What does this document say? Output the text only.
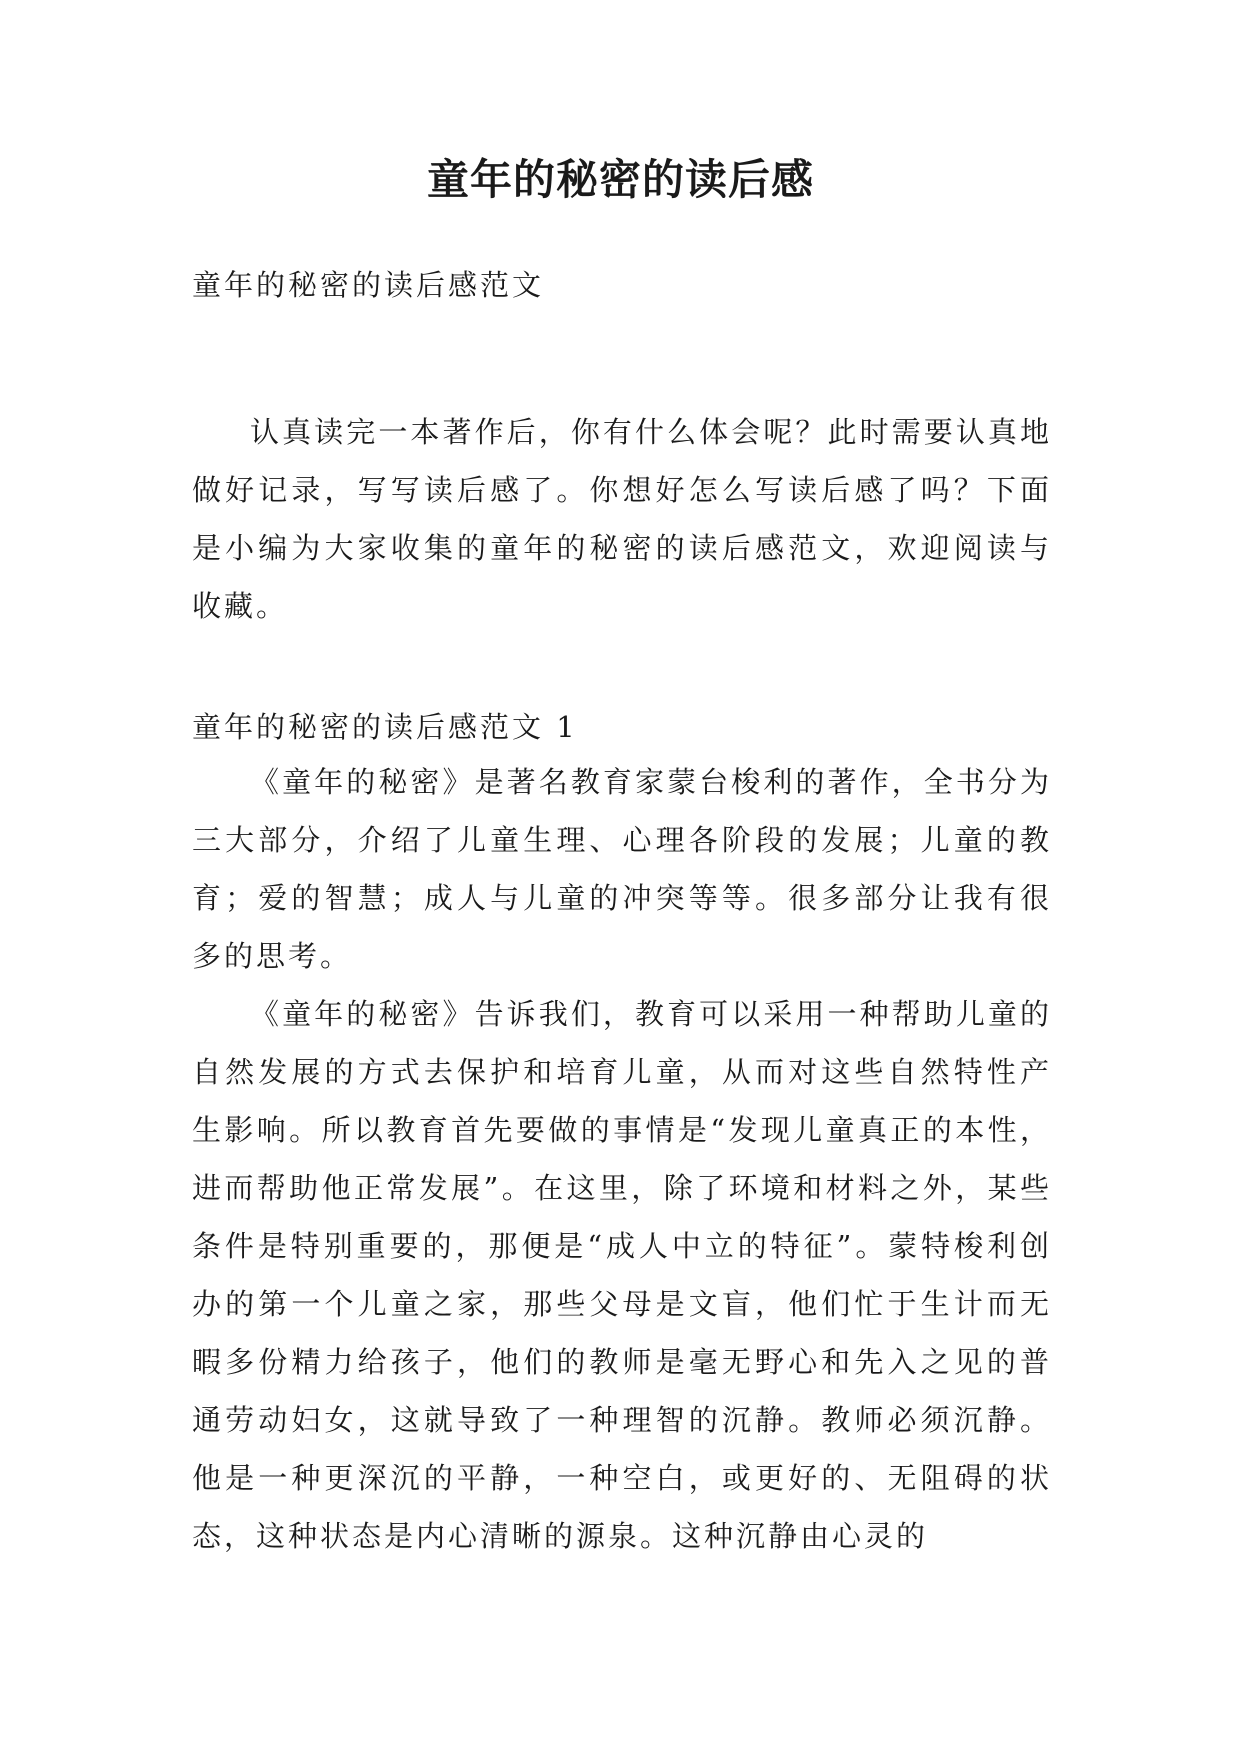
童年的秘密的读后感

童年的秘密的读后感范文

认真读完一本著作后，你有什么体会呢？此时需要认真地做好记录，写写读后感了。你想好怎么写读后感了吗？下面是小编为大家收集的童年的秘密的读后感范文，欢迎阅读与收藏。

童年的秘密的读后感范文 1

《童年的秘密》是著名教育家蒙台梭利的著作，全书分为三大部分，介绍了儿童生理、心理各阶段的发展；儿童的教育；爱的智慧；成人与儿童的冲突等等。很多部分让我有很多的思考。

《童年的秘密》告诉我们，教育可以采用一种帮助儿童的自然发展的方式去保护和培育儿童，从而对这些自然特性产生影响。所以教育首先要做的事情是“发现儿童真正的本性，进而帮助他正常发展”。在这里，除了环境和材料之外，某些条件是特别重要的，那便是“成人中立的特征”。蒙特梭利创办的第一个儿童之家，那些父母是文盲，他们忙于生计而无暇多份精力给孩子，他们的教师是毫无野心和先入之见的普通劳动妇女，这就导致了一种理智的沉静。教师必须沉静。他是一种更深沉的平静，一种空白，或更好的、无阻碍的状态，这种状态是内心清晰的源泉。这种沉静由心灵的
